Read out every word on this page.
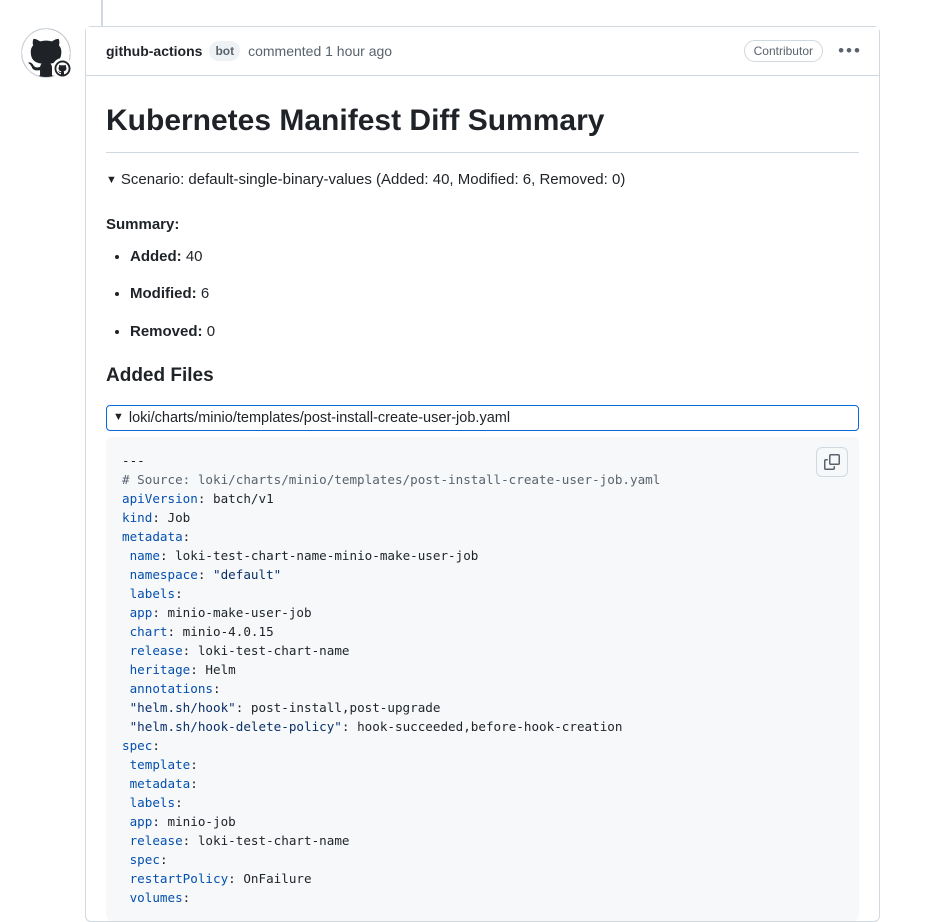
github-actions	bot	commented 1 hour ago	Contributor	•••
Kubernetes Manifest Diff Summary
▼ Scenario: default-single-binary-values (Added: 40, Modified: 6, Removed: 0)

Summary:

• Added: 40
• Modified: 6
• Removed: 0
Added Files
▼ loki/charts/minio/templates/post-install-create-user-job.yaml
---
# Source: loki/charts/minio/templates/post-install-create-user-job.yaml
apiVersion: batch/v1
kind: Job
metadata:
name: loki-test-chart-name-minio-make-user-job
namespace: "default"
labels:
app: minio-make-user-job
chart: minio-4.0.15
release: loki-test-chart-name
heritage: Helm
annotations:
"helm.sh/hook": post-install,post-upgrade
"helm.sh/hook-delete-policy": hook-succeeded,before-hook-creation
spec:
template:
metadata:
labels:
app: minio-job
release: loki-test-chart-name
spec:
restartPolicy: OnFailure
volumes:
